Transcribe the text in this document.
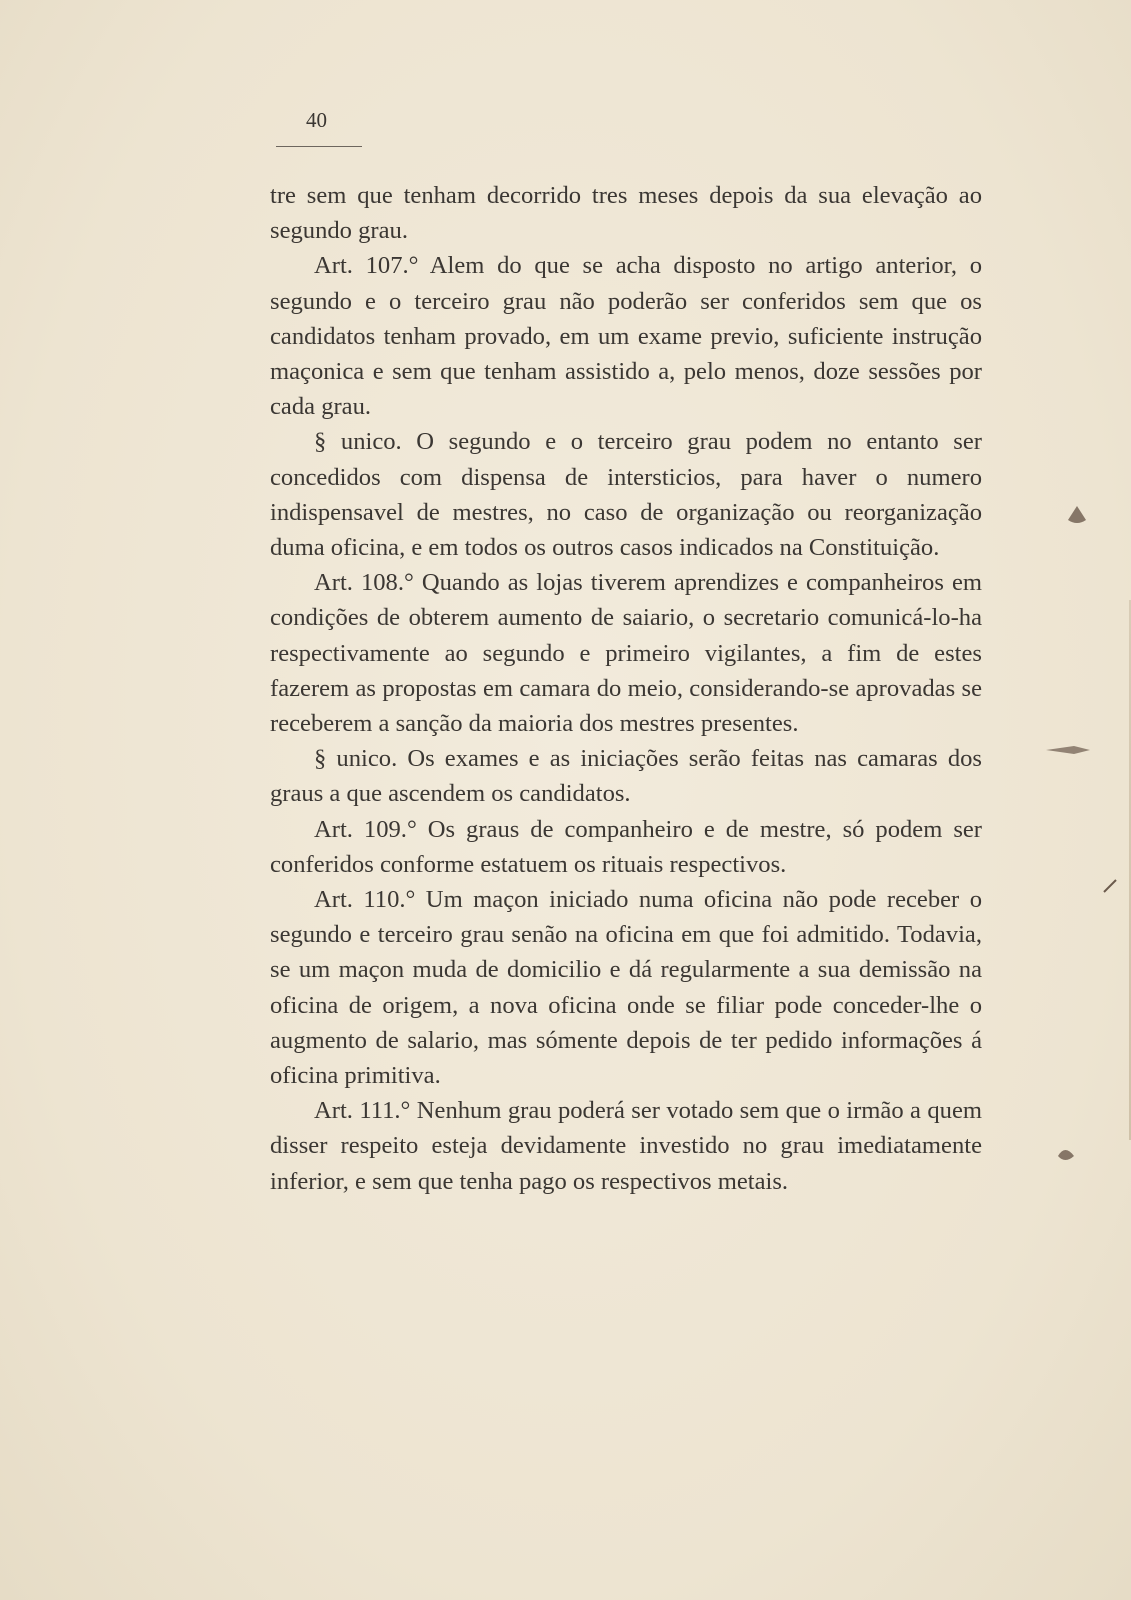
40

tre sem que tenham decorrido tres meses depois da sua elevação ao segundo grau.

Art. 107.° Alem do que se acha disposto no artigo anterior, o segundo e o terceiro grau não poderão ser conferidos sem que os candidatos tenham provado, em um exame previo, suficiente instrução maçonica e sem que tenham assistido a, pelo menos, doze sessões por cada grau.

§ unico. O segundo e o terceiro grau podem no entanto ser concedidos com dispensa de intersticios, para haver o numero indispensavel de mestres, no caso de organização ou reorganização duma oficina, e em todos os outros casos indicados na Constituição.

Art. 108.° Quando as lojas tiverem aprendizes e companheiros em condições de obterem aumento de saiario, o secretario comunicá-lo-ha respectivamente ao segundo e primeiro vigilantes, a fim de estes fazerem as propostas em camara do meio, considerando-se aprovadas se receberem a sanção da maioria dos mestres presentes.

§ unico. Os exames e as iniciações serão feitas nas camaras dos graus a que ascendem os candidatos.

Art. 109.° Os graus de companheiro e de mestre, só podem ser conferidos conforme estatuem os rituais respectivos.

Art. 110.° Um maçon iniciado numa oficina não pode receber o segundo e terceiro grau senão na oficina em que foi admitido. Todavia, se um maçon muda de domicilio e dá regularmente a sua demissão na oficina de origem, a nova oficina onde se filiar pode conceder-lhe o augmento de salario, mas sómente depois de ter pedido informações á oficina primitiva.

Art. 111.° Nenhum grau poderá ser votado sem que o irmão a quem disser respeito esteja devidamente investido no grau imediatamente inferior, e sem que tenha pago os respectivos metais.
